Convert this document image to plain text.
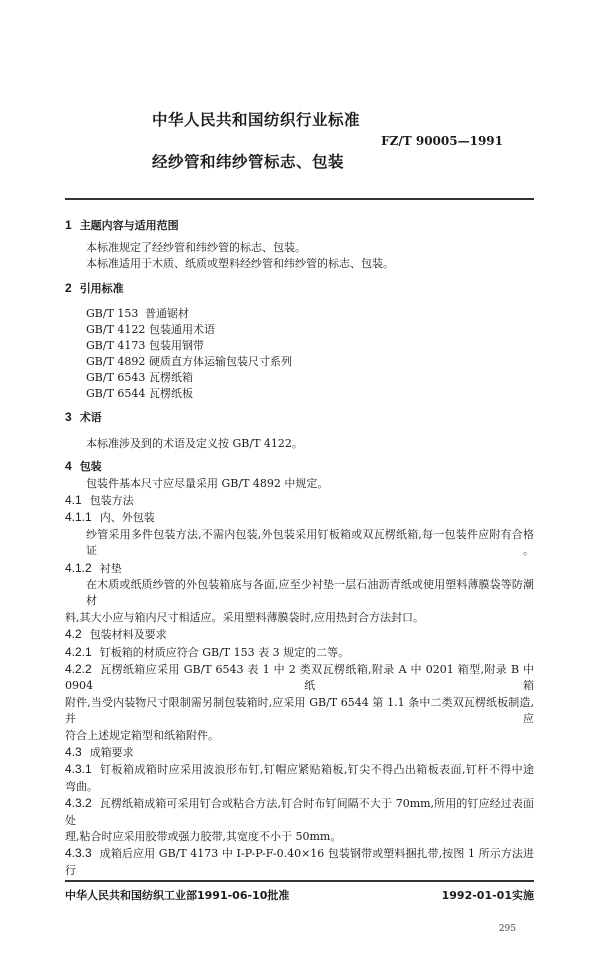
中华人民共和国纺织行业标准
FZ/T 90005—1991
经纱管和纬纱管标志、包装
1 主题内容与适用范围
本标准规定了经纱管和纬纱管的标志、包装。
本标准适用于木质、纸质或塑料经纱管和纬纱管的标志、包装。
2 引用标准
GB/T 153 普通锯材
GB/T 4122 包装通用术语
GB/T 4173 包装用钢带
GB/T 4892 硬质直方体运输包装尺寸系列
GB/T 6543 瓦楞纸箱
GB/T 6544 瓦楞纸板
3 术语
本标准涉及到的术语及定义按 GB/T 4122。
4 包装
包装件基本尺寸应尽量采用 GB/T 4892 中规定。
4.1 包装方法
4.1.1 内、外包装
纱管采用多件包装方法,不需内包装,外包装采用钉板箱或双瓦楞纸箱,每一包装件应附有合格证。
4.1.2 衬垫
在木质或纸质纱管的外包装箱底与各面,应至少衬垫一层石油沥青纸或使用塑料薄膜袋等防潮材
料,其大小应与箱内尺寸相适应。采用塑料薄膜袋时,应用热封合方法封口。
4.2 包装材料及要求
4.2.1 钉板箱的材质应符合 GB/T 153 表 3 规定的二等。
4.2.2 瓦楞纸箱应采用 GB/T 6543 表 1 中 2 类双瓦楞纸箱,附录 A 中 0201 箱型,附录 B 中 0904 纸箱
附件,当受内装物尺寸限制需另制包装箱时,应采用 GB/T 6544 第 1.1 条中二类双瓦楞纸板制造,并应
符合上述规定箱型和纸箱附件。
4.3 成箱要求
4.3.1 钉板箱成箱时应采用波浪形布钉,钉帽应紧贴箱板,钉尖不得凸出箱板表面,钉杆不得中途
弯曲。
4.3.2 瓦楞纸箱成箱可采用钉合或粘合方法,钉合时布钉间隔不大于 70mm,所用的钉应经过表面处
理,粘合时应采用胶带或强力胶带,其宽度不小于 50mm。
4.3.3 成箱后应用 GB/T 4173 中 Ⅰ-P-P-F-0.40×16 包装钢带或塑料捆扎带,按图 1 所示方法进行
中华人民共和国纺织工业部1991-06-10批准	1992-01-01实施
295
